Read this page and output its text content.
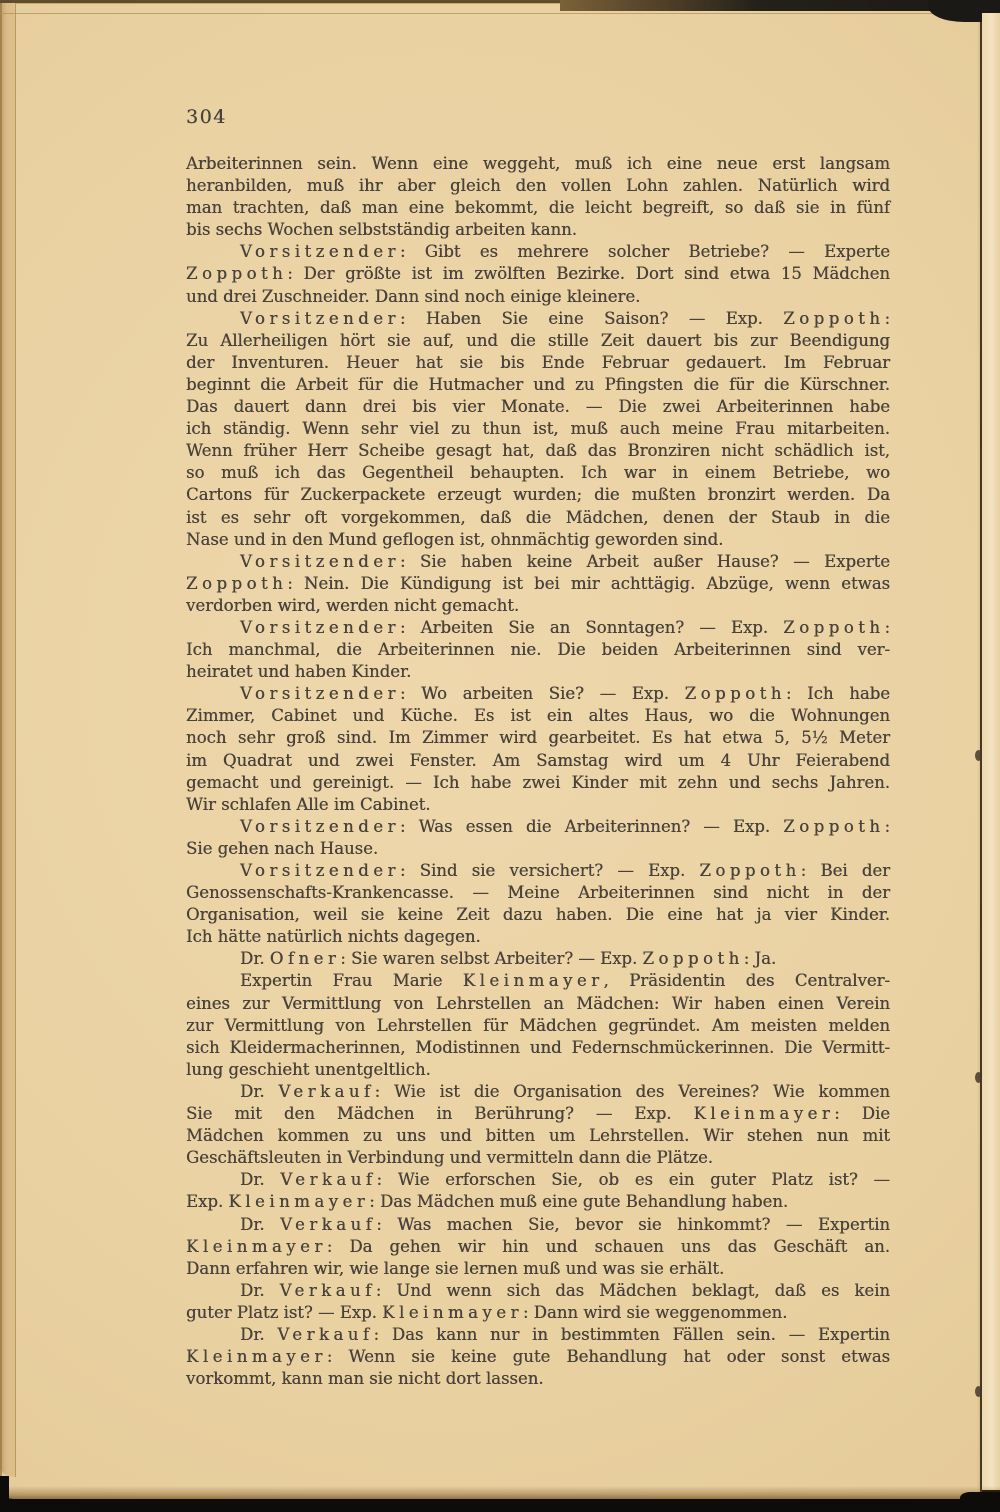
304
Arbeiterinnen sein. Wenn eine weggeht, muß ich eine neue erst langsam
heranbilden, muß ihr aber gleich den vollen Lohn zahlen. Natürlich wird
man trachten, daß man eine bekommt, die leicht begreift, so daß sie in fünf
bis sechs Wochen selbstständig arbeiten kann.
Vorsitzender: Gibt es mehrere solcher Betriebe? — Experte
Zoppoth: Der größte ist im zwölften Bezirke. Dort sind etwa 15 Mädchen
und drei Zuschneider. Dann sind noch einige kleinere.
Vorsitzender: Haben Sie eine Saison? — Exp. Zoppoth:
Zu Allerheiligen hört sie auf, und die stille Zeit dauert bis zur Beendigung
der Inventuren. Heuer hat sie bis Ende Februar gedauert. Im Februar
beginnt die Arbeit für die Hutmacher und zu Pfingsten die für die Kürschner.
Das dauert dann drei bis vier Monate. — Die zwei Arbeiterinnen habe
ich ständig. Wenn sehr viel zu thun ist, muß auch meine Frau mitarbeiten.
Wenn früher Herr Scheibe gesagt hat, daß das Bronziren nicht schädlich ist,
so muß ich das Gegentheil behaupten. Ich war in einem Betriebe, wo
Cartons für Zuckerpackete erzeugt wurden; die mußten bronzirt werden. Da
ist es sehr oft vorgekommen, daß die Mädchen, denen der Staub in die
Nase und in den Mund geflogen ist, ohnmächtig geworden sind.
Vorsitzender: Sie haben keine Arbeit außer Hause? — Experte
Zoppoth: Nein. Die Kündigung ist bei mir achttägig. Abzüge, wenn etwas
verdorben wird, werden nicht gemacht.
Vorsitzender: Arbeiten Sie an Sonntagen? — Exp. Zoppoth:
Ich manchmal, die Arbeiterinnen nie. Die beiden Arbeiterinnen sind ver-
heiratet und haben Kinder.
Vorsitzender: Wo arbeiten Sie? — Exp. Zoppoth: Ich habe
Zimmer, Cabinet und Küche. Es ist ein altes Haus, wo die Wohnungen
noch sehr groß sind. Im Zimmer wird gearbeitet. Es hat etwa 5, 5½ Meter
im Quadrat und zwei Fenster. Am Samstag wird um 4 Uhr Feierabend
gemacht und gereinigt. — Ich habe zwei Kinder mit zehn und sechs Jahren.
Wir schlafen Alle im Cabinet.
Vorsitzender: Was essen die Arbeiterinnen? — Exp. Zoppoth:
Sie gehen nach Hause.
Vorsitzender: Sind sie versichert? — Exp. Zoppoth: Bei der
Genossenschafts-Krankencasse. — Meine Arbeiterinnen sind nicht in der
Organisation, weil sie keine Zeit dazu haben. Die eine hat ja vier Kinder.
Ich hätte natürlich nichts dagegen.
Dr. Ofner: Sie waren selbst Arbeiter? — Exp. Zoppoth: Ja.
Expertin Frau Marie Kleinmayer, Präsidentin des Centralver-
eines zur Vermittlung von Lehrstellen an Mädchen: Wir haben einen Verein
zur Vermittlung von Lehrstellen für Mädchen gegründet. Am meisten melden
sich Kleidermacherinnen, Modistinnen und Federnschmückerinnen. Die Vermitt-
lung geschieht unentgeltlich.
Dr. Verkauf: Wie ist die Organisation des Vereines? Wie kommen
Sie mit den Mädchen in Berührung? — Exp. Kleinmayer: Die
Mädchen kommen zu uns und bitten um Lehrstellen. Wir stehen nun mit
Geschäftsleuten in Verbindung und vermitteln dann die Plätze.
Dr. Verkauf: Wie erforschen Sie, ob es ein guter Platz ist? —
Exp. Kleinmayer: Das Mädchen muß eine gute Behandlung haben.
Dr. Verkauf: Was machen Sie, bevor sie hinkommt? — Expertin
Kleinmayer: Da gehen wir hin und schauen uns das Geschäft an.
Dann erfahren wir, wie lange sie lernen muß und was sie erhält.
Dr. Verkauf: Und wenn sich das Mädchen beklagt, daß es kein
guter Platz ist? — Exp. Kleinmayer: Dann wird sie weggenommen.
Dr. Verkauf: Das kann nur in bestimmten Fällen sein. — Expertin
Kleinmayer: Wenn sie keine gute Behandlung hat oder sonst etwas
vorkommt, kann man sie nicht dort lassen.
